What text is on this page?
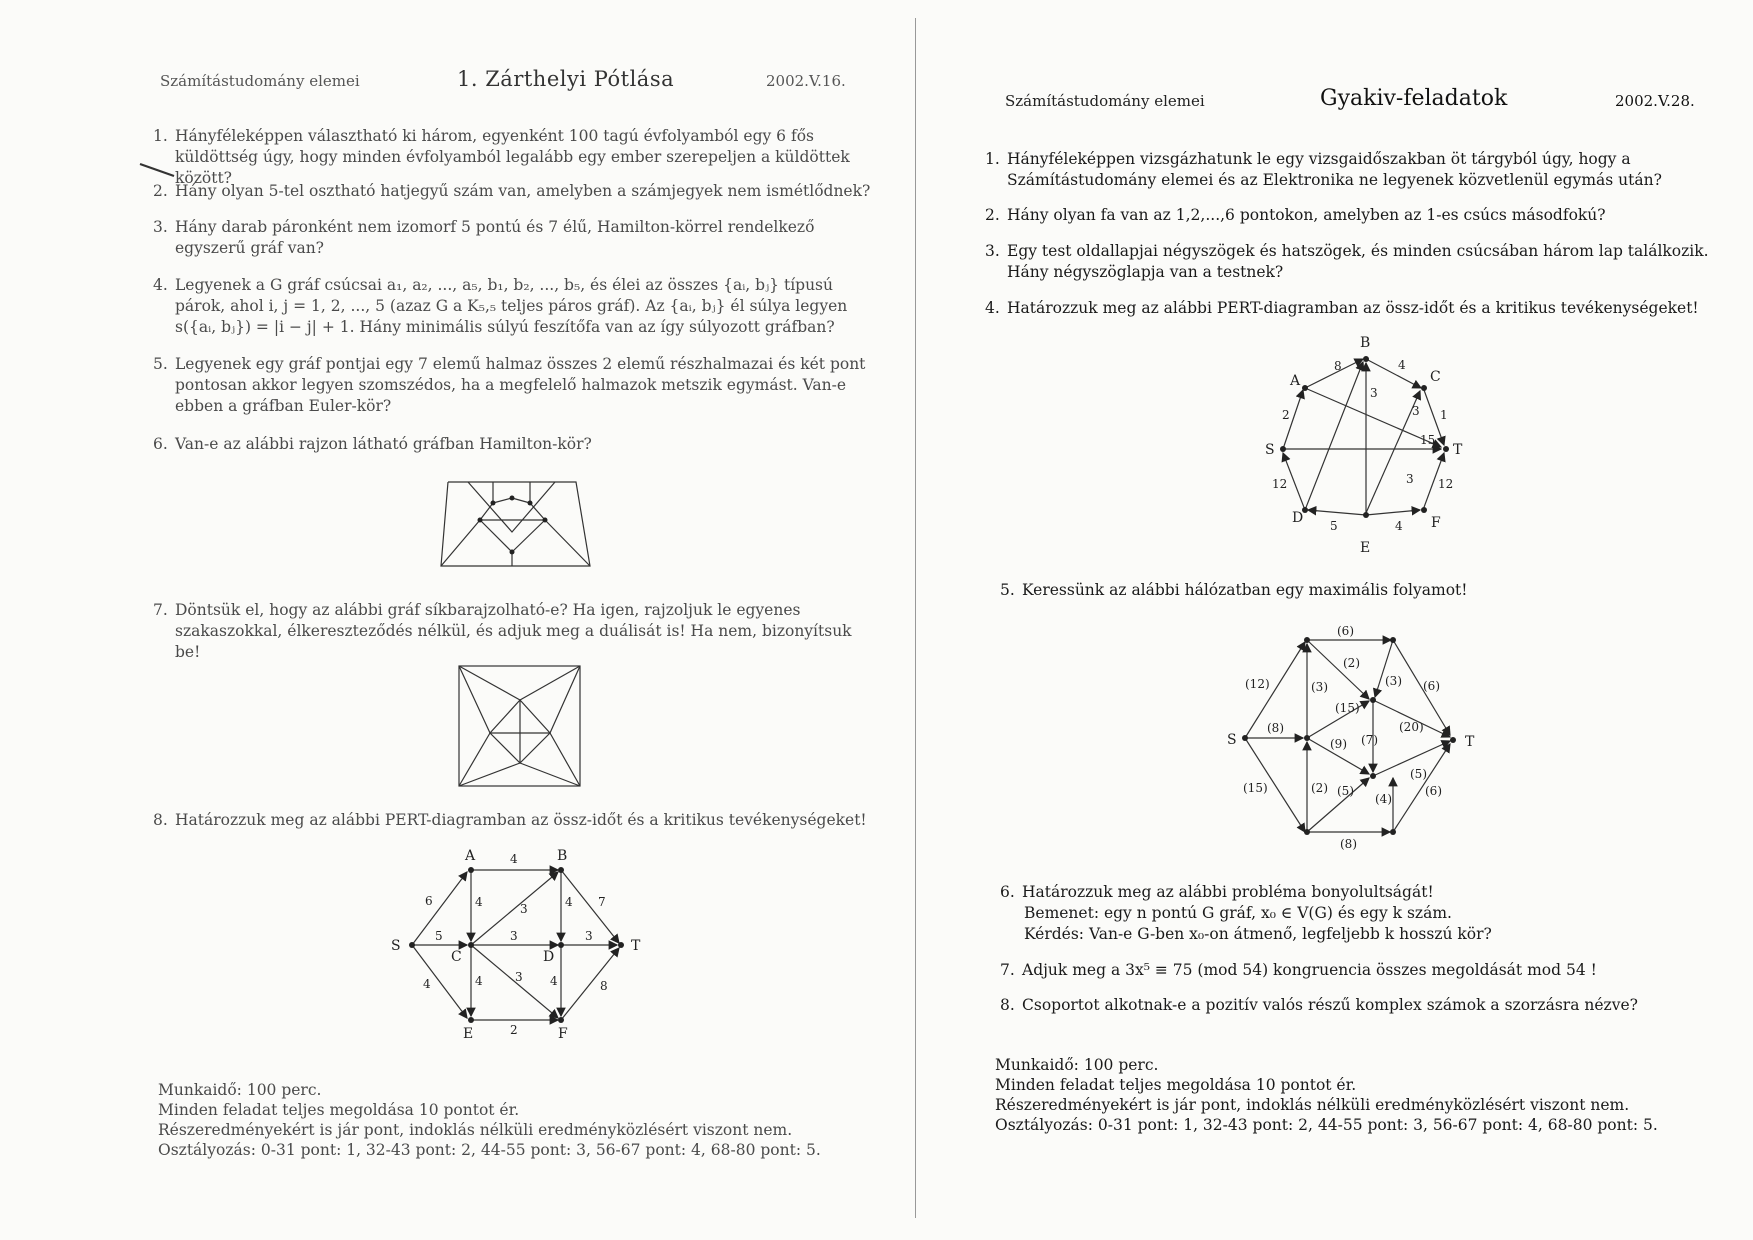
Számítástudomány elemei	1. Zárthelyi Pótlása	2002.V.16.
1. Hányféleképpen választható ki három, egyenként 100 tagú évfolyamból egy 6 fős küldöttség úgy, hogy minden évfolyamból legalább egy ember szerepeljen a küldöttek között?
2. Hány olyan 5-tel osztható hatjegyű szám van, amelyben a számjegyek nem ismétlődnek?
3. Hány darab páronként nem izomorf 5 pontú és 7 élű, Hamilton-körrel rendelkező egyszerű gráf van?
4. Legyenek a G gráf csúcsai a₁, a₂, ..., a₅, b₁, b₂, ..., b₅, és élei az összes {aᵢ, bⱼ} típusú párok, ahol i, j = 1, 2, ..., 5 (azaz G a K₅,₅ teljes páros gráf). Az {aᵢ, bⱼ} él súlya legyen s({aᵢ, bⱼ}) = |i − j| + 1. Hány minimális súlyú feszítőfa van az így súlyozott gráfban?
5. Legyenek egy gráf pontjai egy 7 elemű halmaz összes 2 elemű részhalmazai és két pont pontosan akkor legyen szomszédos, ha a megfelelő halmazok metszik egymást. Van-e ebben a gráfban Euler-kör?
6. Van-e az alábbi rajzon látható gráfban Hamilton-kör?
7. Döntsük el, hogy az alábbi gráf síkbarajzolható-e? Ha igen, rajzoljuk le egyenes szakaszokkal, élkereszteződés nélkül, és adjuk meg a duálisát is! Ha nem, bizonyítsuk be!
8. Határozzuk meg az alábbi PERT-diagramban az össz-időt és a kritikus tevékenységeket!
A	B
S
C	D
T
E	F
4
6	4	4 7
5
3
3	3
4	3 4	8
2
4
Munkaidő: 100 perc.
Minden feladat teljes megoldása 10 pontot ér.
Részeredményekért is jár pont, indoklás nélküli eredményközlésért viszont nem.
Osztályozás: 0-31 pont: 1, 32-43 pont: 2, 44-55 pont: 3, 56-67 pont: 4, 68-80 pont: 5.
Számítástudomány elemei	Gyakiv-feladatok	2002.V.28.
1. Hányféleképpen vizsgázhatunk le egy vizsgaidőszakban öt tárgyból úgy, hogy a Számítástudomány elemei és az Elektronika ne legyenek közvetlenül egymás után?
2. Hány olyan fa van az 1,2,...,6 pontokon, amelyben az 1-es csúcs másodfokú?
3. Egy test oldallapjai négyszögek és hatszögek, és minden csúcsában három lap találkozik. Hány négyszöglapja van a testnek?
4. Határozzuk meg az alábbi PERT-diagramban az össz-időt és a kritikus tevékenységeket!
B
A	C
S	T
D
E
F
8	4
3
2	3 1
15
12	3 12
5	4
5. Keressünk az alábbi hálózatban egy maximális folyamot!
S	T
(6)
(2)
(12)	(3)	(3) (6)
(15)
(8)
(9) (7)
(20)
(15)	(2) (5)
(5)
(4)
(6)
(8)
6. Határozzuk meg az alábbi probléma bonyolultságát!
Bemenet: egy n pontú G gráf, x₀ ∈ V(G) és egy k szám.
Kérdés: Van-e G-ben x₀-on átmenő, legfeljebb k hosszú kör?
7. Adjuk meg a 3x⁵ ≡ 75 (mod 54) kongruencia összes megoldását mod 54 !
8. Csoportot alkotnak-e a pozitív valós részű komplex számok a szorzásra nézve?
Munkaidő: 100 perc.
Minden feladat teljes megoldása 10 pontot ér.
Részeredményekért is jár pont, indoklás nélküli eredményközlésért viszont nem.
Osztályozás: 0-31 pont: 1, 32-43 pont: 2, 44-55 pont: 3, 56-67 pont: 4, 68-80 pont: 5.
